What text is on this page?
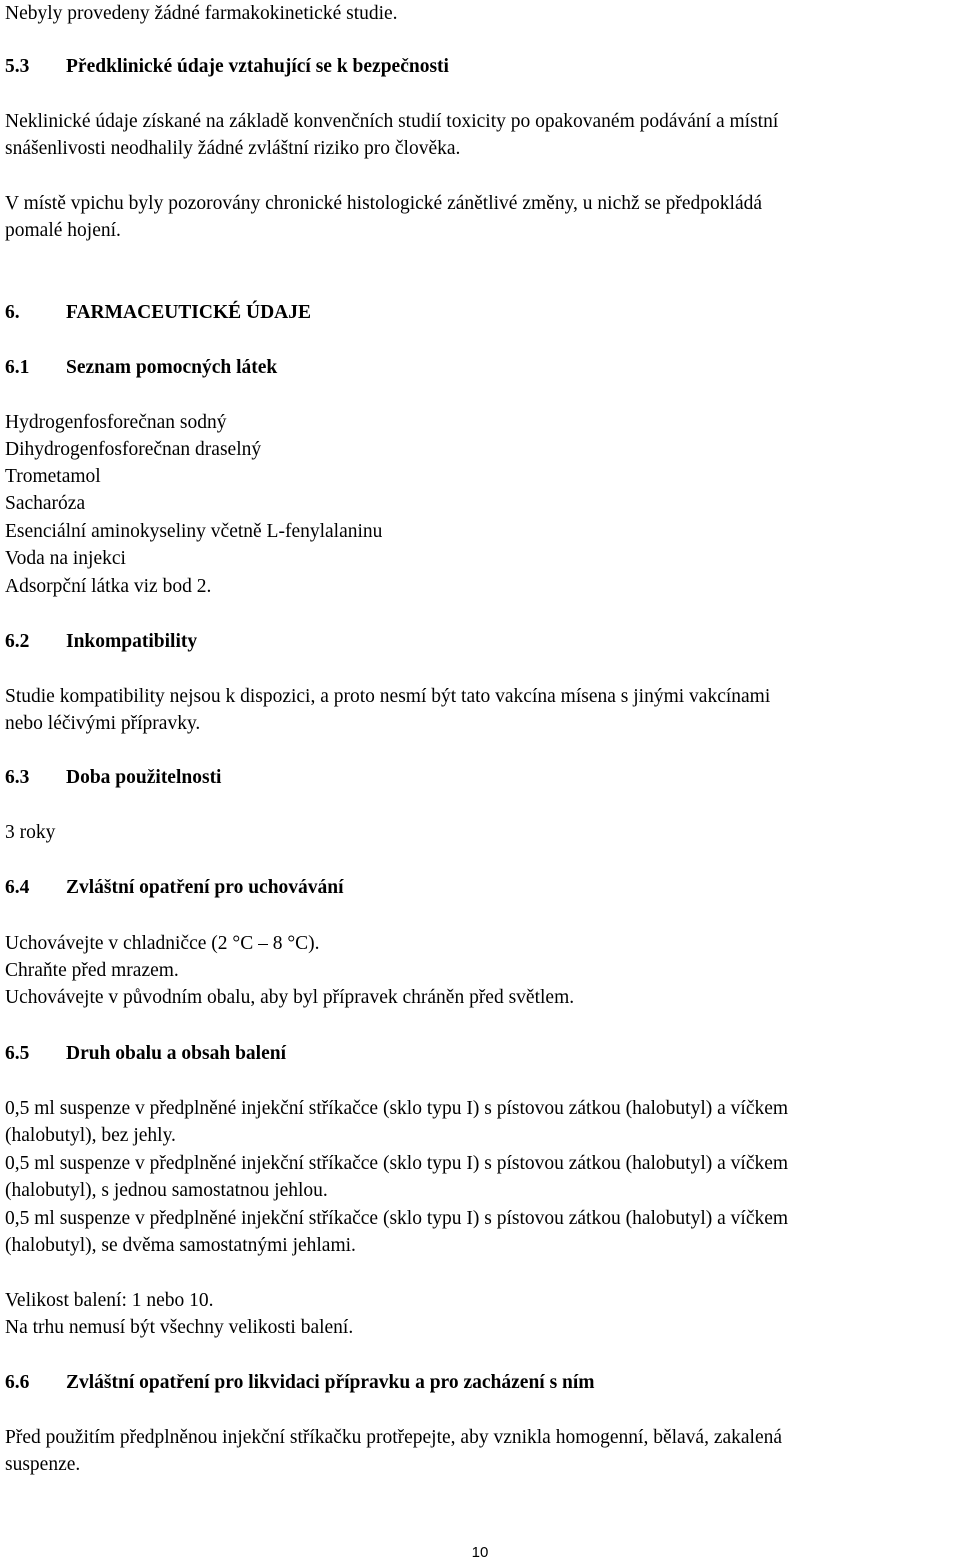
Nebyly provedeny žádné farmakokinetické studie.
5.3 Předklinické údaje vztahující se k bezpečnosti
Neklinické údaje získané na základě konvenčních studií toxicity po opakovaném podávání a místní
snášenlivosti neodhalily žádné zvláštní riziko pro člověka.
V místě vpichu byly pozorovány chronické histologické zánětlivé změny, u nichž se předpokládá
pomalé hojení.
6. FARMACEUTICKÉ ÚDAJE
6.1 Seznam pomocných látek
Hydrogenfosforečnan sodný
Dihydrogenfosforečnan draselný
Trometamol
Sacharóza
Esenciální aminokyseliny včetně L-fenylalaninu
Voda na injekci
Adsorpční látka viz bod 2.
6.2 Inkompatibility
Studie kompatibility nejsou k dispozici, a proto nesmí být tato vakcína mísena s jinými vakcínami
nebo léčivými přípravky.
6.3 Doba použitelnosti
3 roky
6.4 Zvláštní opatření pro uchovávání
Uchovávejte v chladničce (2 °C – 8 °C).
Chraňte před mrazem.
Uchovávejte v původním obalu, aby byl přípravek chráněn před světlem.
6.5 Druh obalu a obsah balení
0,5 ml suspenze v předplněné injekční stříkačce (sklo typu I) s pístovou zátkou (halobutyl) a víčkem
(halobutyl), bez jehly.
0,5 ml suspenze v předplněné injekční stříkačce (sklo typu I) s pístovou zátkou (halobutyl) a víčkem
(halobutyl), s jednou samostatnou jehlou.
0,5 ml suspenze v předplněné injekční stříkačce (sklo typu I) s pístovou zátkou (halobutyl) a víčkem
(halobutyl), se dvěma samostatnými jehlami.
Velikost balení: 1 nebo 10.
Na trhu nemusí být všechny velikosti balení.
6.6 Zvláštní opatření pro likvidaci přípravku a pro zacházení s ním
Před použitím předplněnou injekční stříkačku protřepejte, aby vznikla homogenní, bělavá, zakalená
suspenze.
10
